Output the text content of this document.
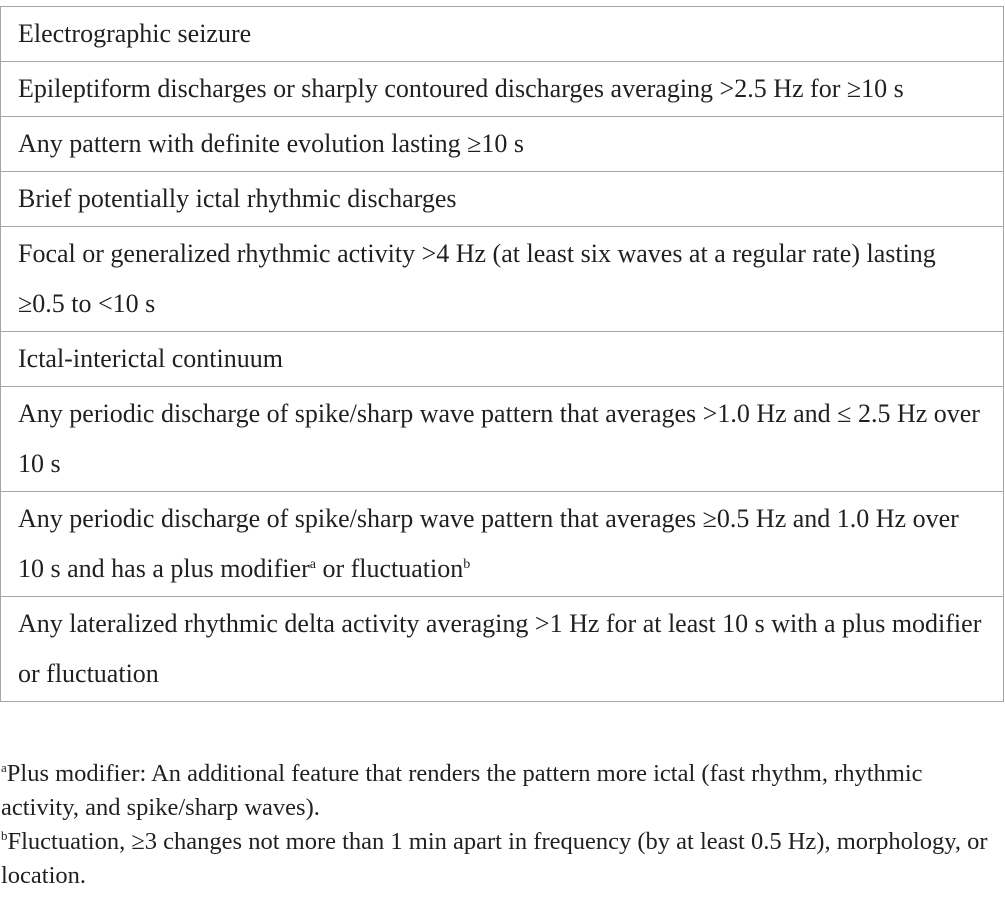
Electrographic seizure
Epileptiform discharges or sharply contoured discharges averaging >2.5 Hz for ≥10 s
Any pattern with definite evolution lasting ≥10 s
Brief potentially ictal rhythmic discharges
Focal or generalized rhythmic activity >4 Hz (at least six waves at a regular rate) lasting ≥0.5 to <10 s
Ictal-interictal continuum
Any periodic discharge of spike/sharp wave pattern that averages >1.0 Hz and ≤ 2.5 Hz over 10 s
Any periodic discharge of spike/sharp wave pattern that averages ≥0.5 Hz and 1.0 Hz over 10 s and has a plus modifier$^a$ or fluctuation$^b$
Any lateralized rhythmic delta activity averaging >1 Hz for at least 10 s with a plus modifier or fluctuation
$^a$Plus modifier: An additional feature that renders the pattern more ictal (fast rhythm, rhythmic activity, and spike/sharp waves).
$^b$Fluctuation, ≥3 changes not more than 1 min apart in frequency (by at least 0.5 Hz), morphology, or location.
